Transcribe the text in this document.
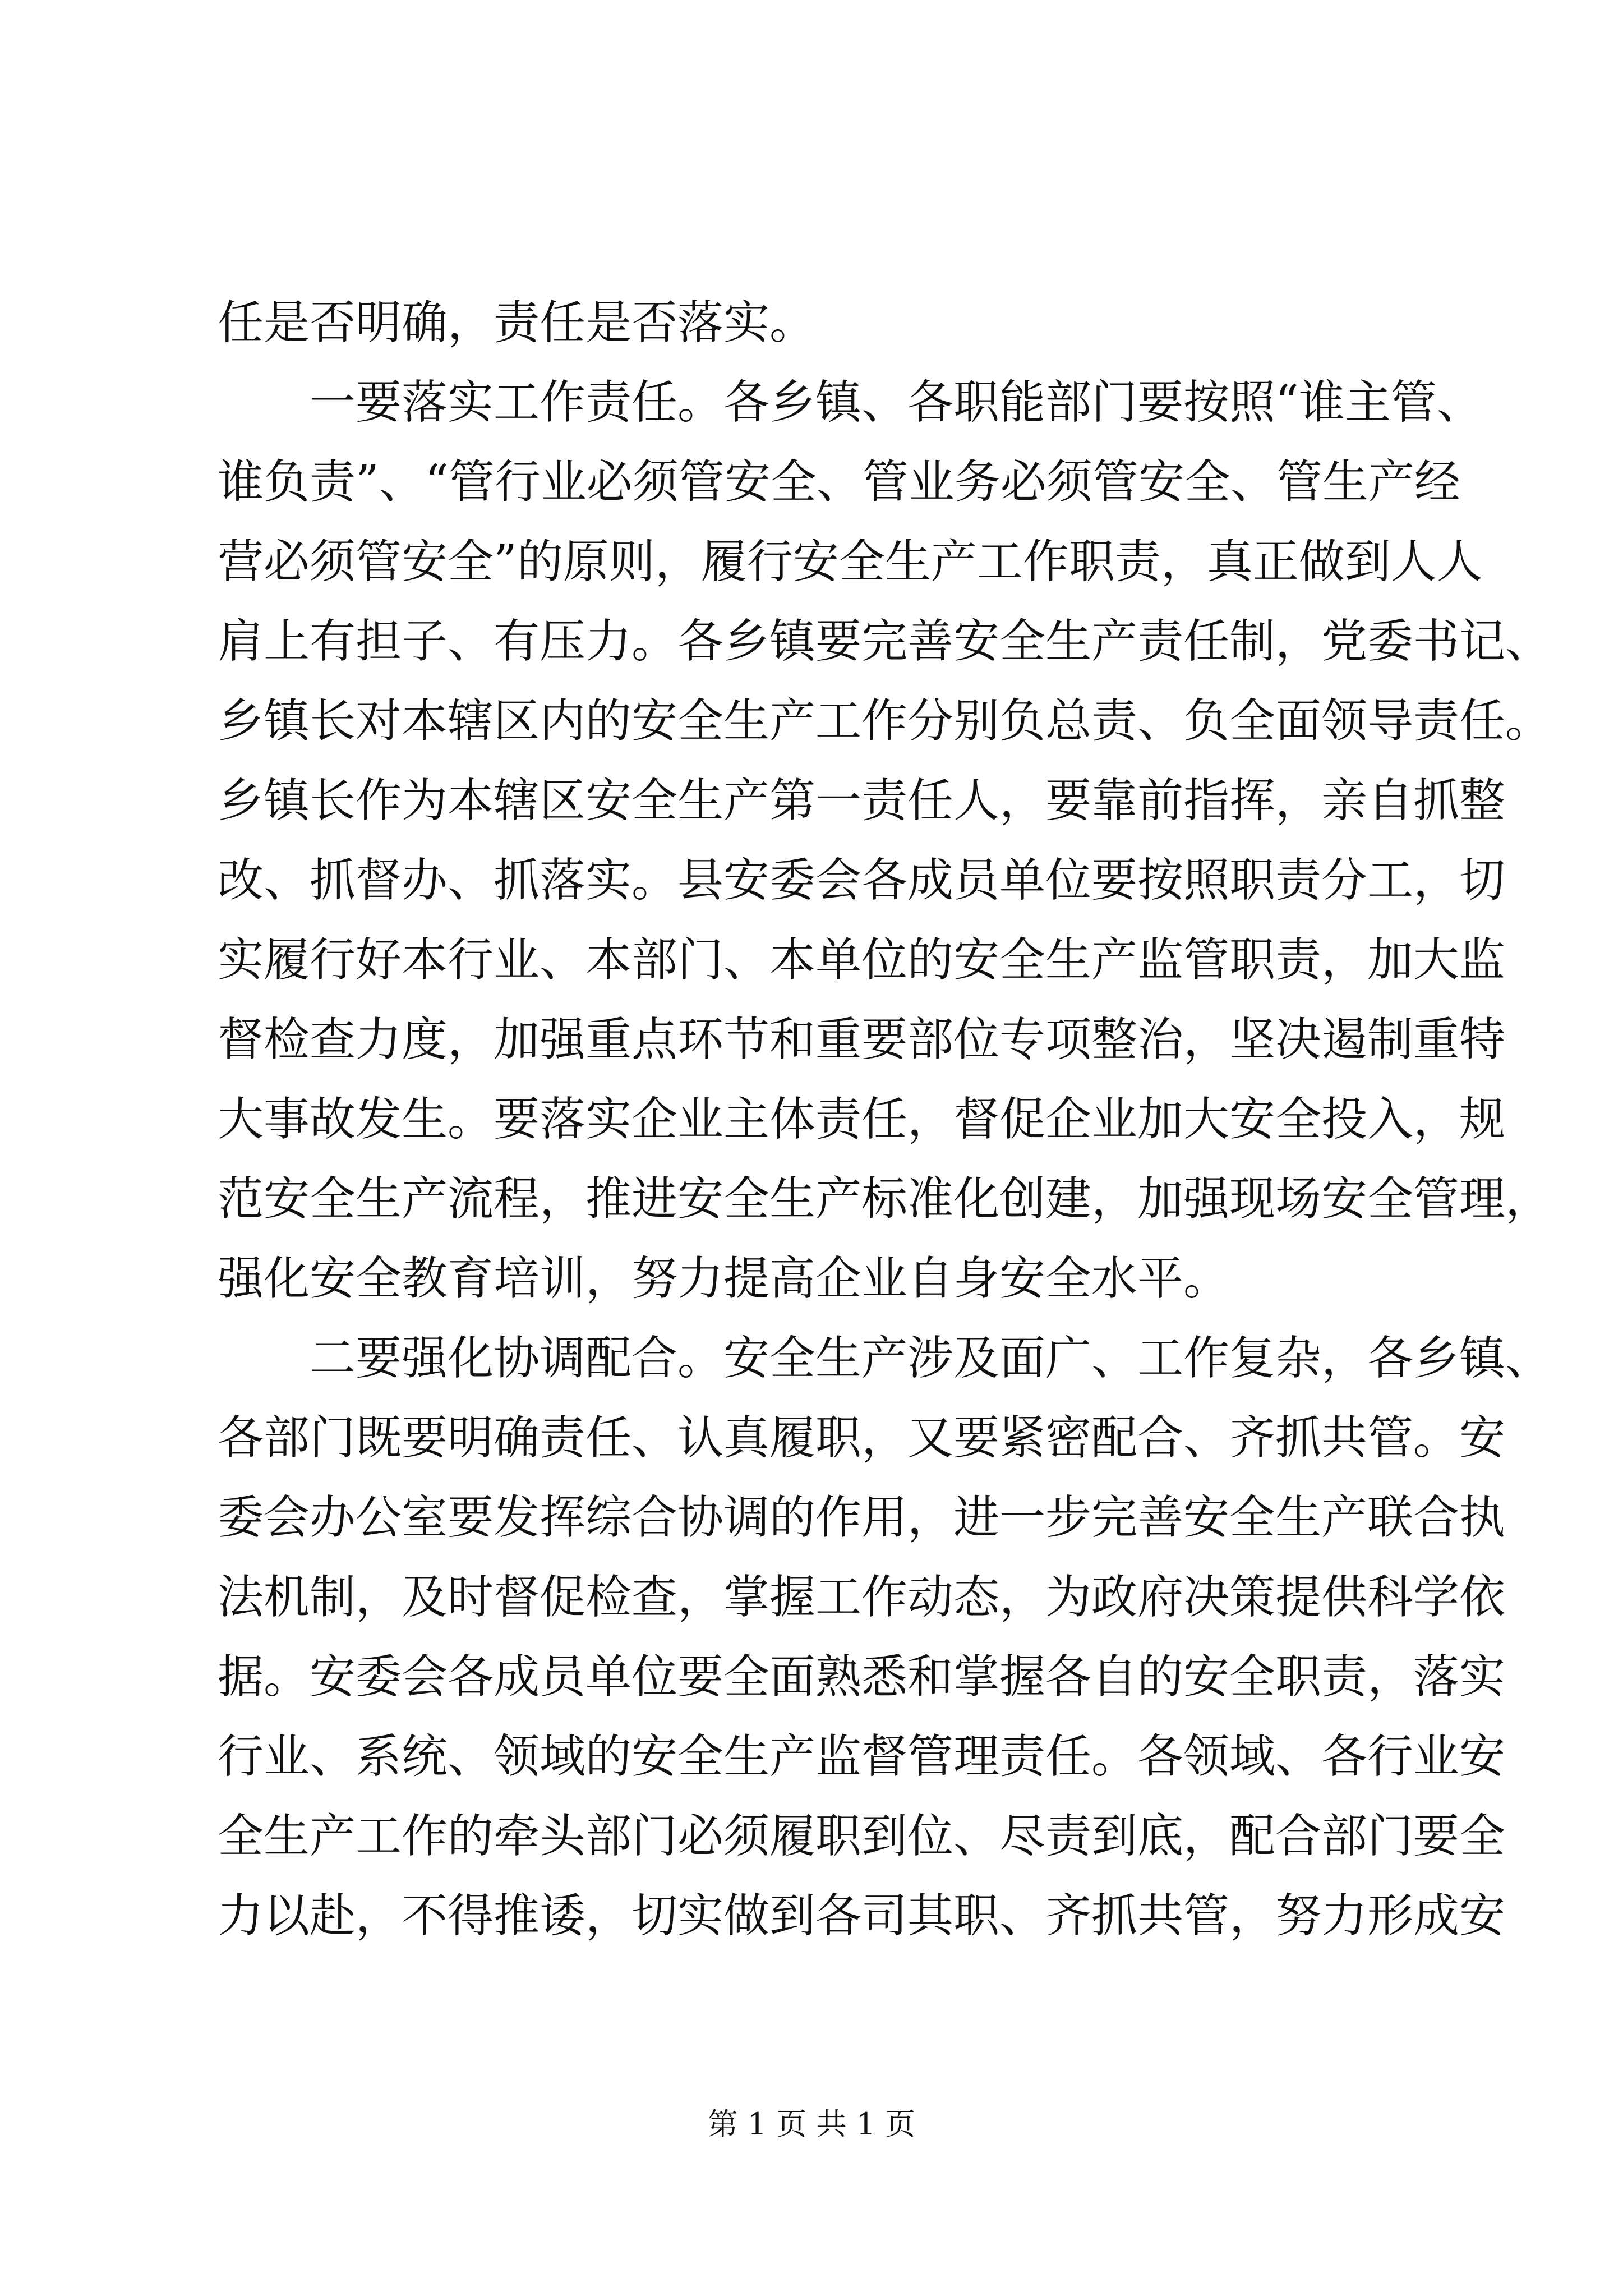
任是否明确，责任是否落实。
一要落实工作责任。各乡镇、各职能部门要按照“谁主管、
谁负责”、“管行业必须管安全、管业务必须管安全、管生产经
营必须管安全”的原则，履行安全生产工作职责，真正做到人人
肩上有担子、有压力。各乡镇要完善安全生产责任制，党委书记、
乡镇长对本辖区内的安全生产工作分别负总责、负全面领导责任。
乡镇长作为本辖区安全生产第一责任人，要靠前指挥，亲自抓整
改、抓督办、抓落实。县安委会各成员单位要按照职责分工，切
实履行好本行业、本部门、本单位的安全生产监管职责，加大监
督检查力度，加强重点环节和重要部位专项整治，坚决遏制重特
大事故发生。要落实企业主体责任，督促企业加大安全投入，规
范安全生产流程，推进安全生产标准化创建，加强现场安全管理，
强化安全教育培训，努力提高企业自身安全水平。
二要强化协调配合。安全生产涉及面广、工作复杂，各乡镇、
各部门既要明确责任、认真履职，又要紧密配合、齐抓共管。安
委会办公室要发挥综合协调的作用，进一步完善安全生产联合执
法机制，及时督促检查，掌握工作动态，为政府决策提供科学依
据。安委会各成员单位要全面熟悉和掌握各自的安全职责，落实
行业、系统、领域的安全生产监督管理责任。各领域、各行业安
全生产工作的牵头部门必须履职到位、尽责到底，配合部门要全
力以赴，不得推诿，切实做到各司其职、齐抓共管，努力形成安
第 1 页 共 1 页
